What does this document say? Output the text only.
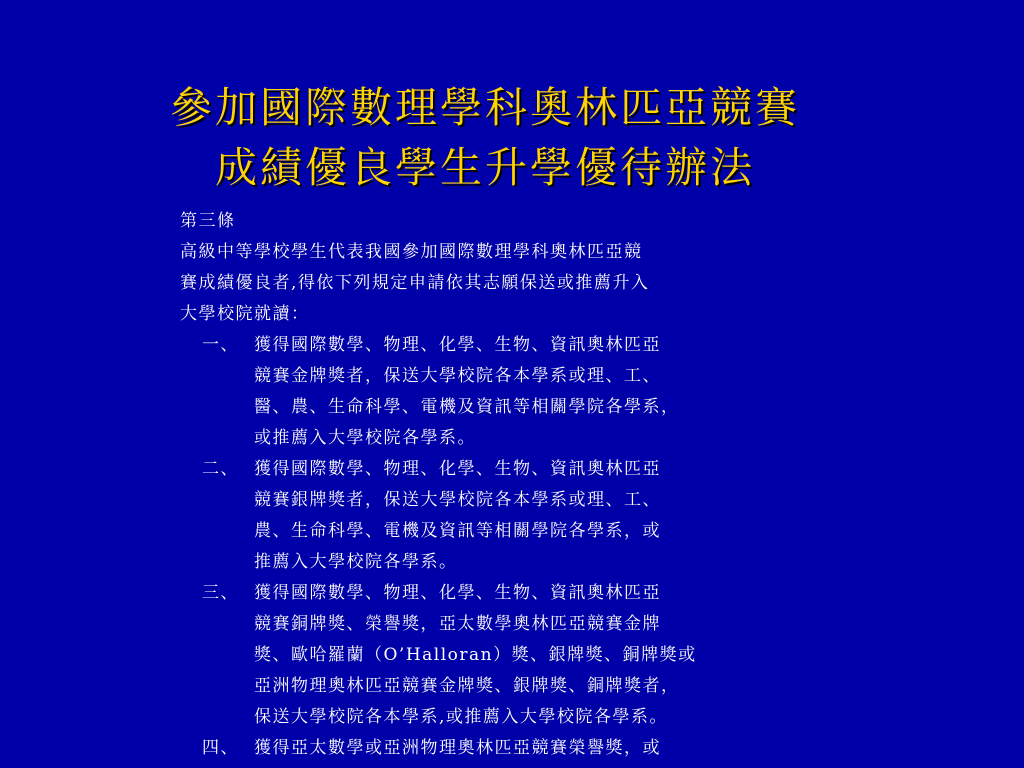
參加國際數理學科奧林匹亞競賽
成績優良學生升學優待辦法
第三條
高級中等學校學生代表我國參加國際數理學科奧林匹亞競
賽成績優良者,得依下列規定申請依其志願保送或推薦升入
大學校院就讀：
一、 獲得國際數學、物理、化學、生物、資訊奧林匹亞
競賽金牌獎者，保送大學校院各本學系或理、工、
醫、農、生命科學、電機及資訊等相關學院各學系，
或推薦入大學校院各學系。
二、 獲得國際數學、物理、化學、生物、資訊奧林匹亞
競賽銀牌獎者，保送大學校院各本學系或理、工、
農、生命科學、電機及資訊等相關學院各學系，或
推薦入大學校院各學系。
三、 獲得國際數學、物理、化學、生物、資訊奧林匹亞
競賽銅牌獎、榮譽獎，亞太數學奧林匹亞競賽金牌
獎、歐哈羅蘭（O’Halloran）獎、銀牌獎、銅牌獎或
亞洲物理奧林匹亞競賽金牌獎、銀牌獎、銅牌獎者，
保送大學校院各本學系,或推薦入大學校院各學系。
四、 獲得亞太數學或亞洲物理奧林匹亞競賽榮譽獎，或
